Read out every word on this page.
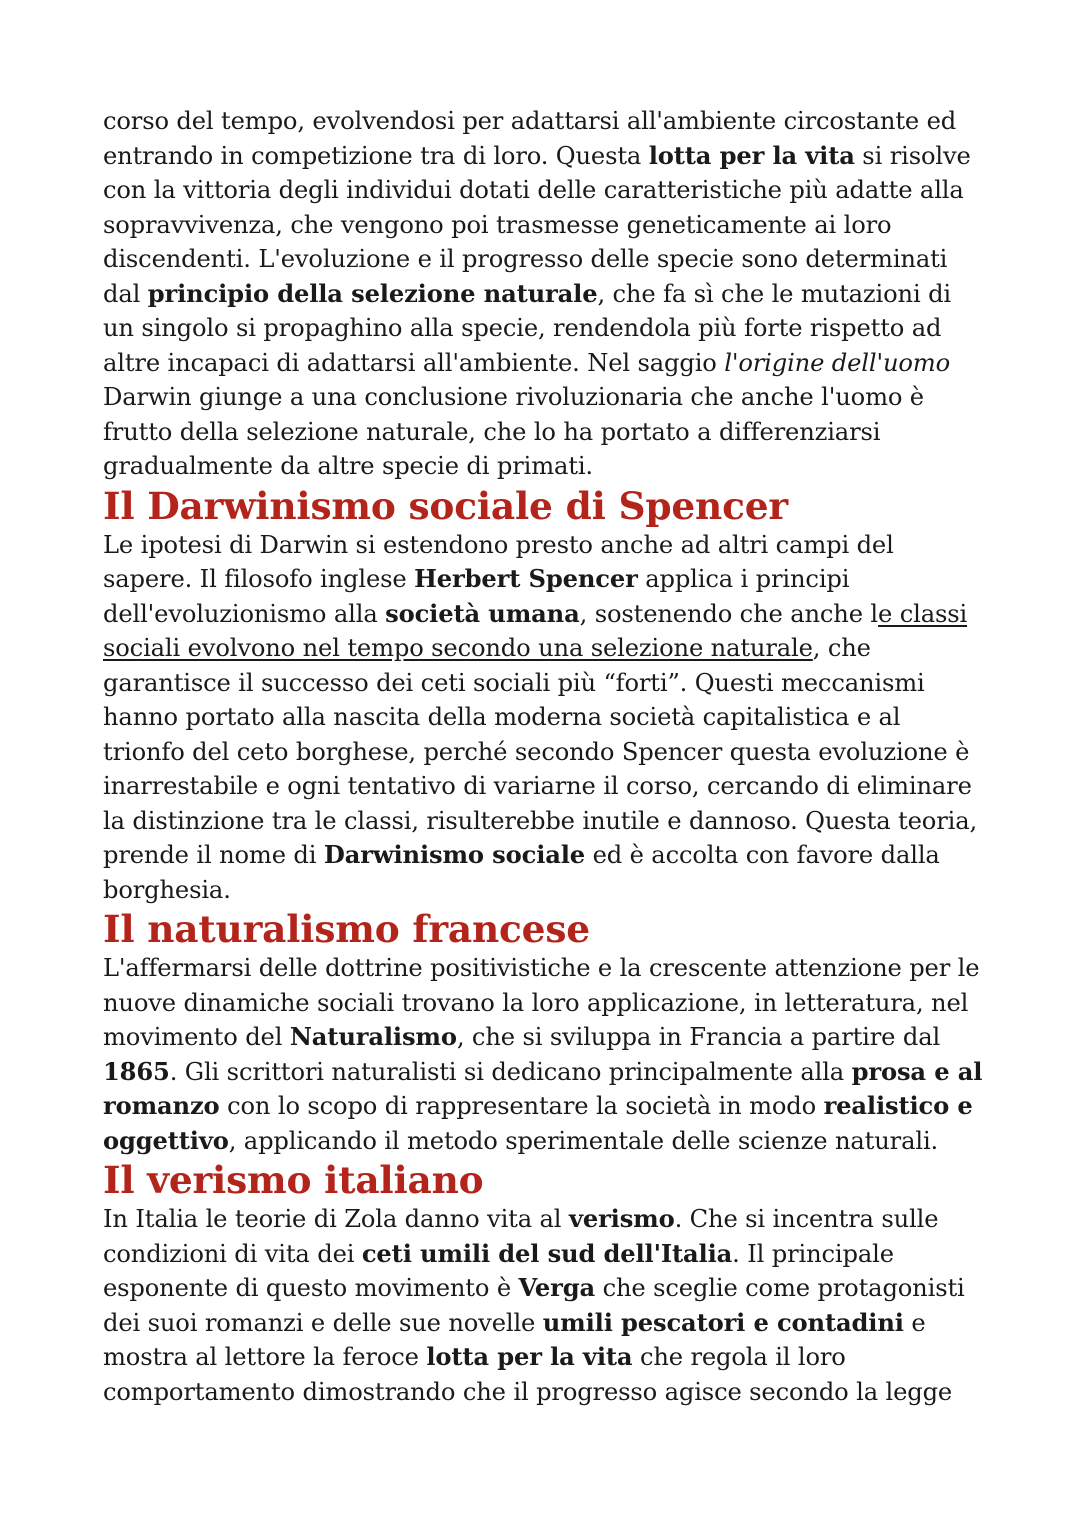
corso del tempo, evolvendosi per adattarsi all'ambiente circostante ed entrando in competizione tra di loro. Questa lotta per la vita si risolve con la vittoria degli individui dotati delle caratteristiche più adatte alla sopravvivenza, che vengono poi trasmesse geneticamente ai loro discendenti. L'evoluzione e il progresso delle specie sono determinati dal principio della selezione naturale, che fa sì che le mutazioni di un singolo si propaghino alla specie, rendendola più forte rispetto ad altre incapaci di adattarsi all'ambiente. Nel saggio l'origine dell'uomo Darwin giunge a una conclusione rivoluzionaria che anche l'uomo è frutto della selezione naturale, che lo ha portato a differenziarsi gradualmente da altre specie di primati.

Il Darwinismo sociale di Spencer

Le ipotesi di Darwin si estendono presto anche ad altri campi del sapere. Il filosofo inglese Herbert Spencer applica i principi dell'evoluzionismo alla società umana, sostenendo che anche le classi sociali evolvono nel tempo secondo una selezione naturale, che garantisce il successo dei ceti sociali più “forti”. Questi meccanismi hanno portato alla nascita della moderna società capitalistica e al trionfo del ceto borghese, perché secondo Spencer questa evoluzione è inarrestabile e ogni tentativo di variarne il corso, cercando di eliminare la distinzione tra le classi, risulterebbe inutile e dannoso. Questa teoria, prende il nome di Darwinismo sociale ed è accolta con favore dalla borghesia.

Il naturalismo francese

L'affermarsi delle dottrine positivistiche e la crescente attenzione per le nuove dinamiche sociali trovano la loro applicazione, in letteratura, nel movimento del Naturalismo, che si sviluppa in Francia a partire dal 1865. Gli scrittori naturalisti si dedicano principalmente alla prosa e al romanzo con lo scopo di rappresentare la società in modo realistico e oggettivo, applicando il metodo sperimentale delle scienze naturali.

Il verismo italiano

In Italia le teorie di Zola danno vita al verismo. Che si incentra sulle condizioni di vita dei ceti umili del sud dell'Italia. Il principale esponente di questo movimento è Verga che sceglie come protagonisti dei suoi romanzi e delle sue novelle umili pescatori e contadini e mostra al lettore la feroce lotta per la vita che regola il loro comportamento dimostrando che il progresso agisce secondo la legge
